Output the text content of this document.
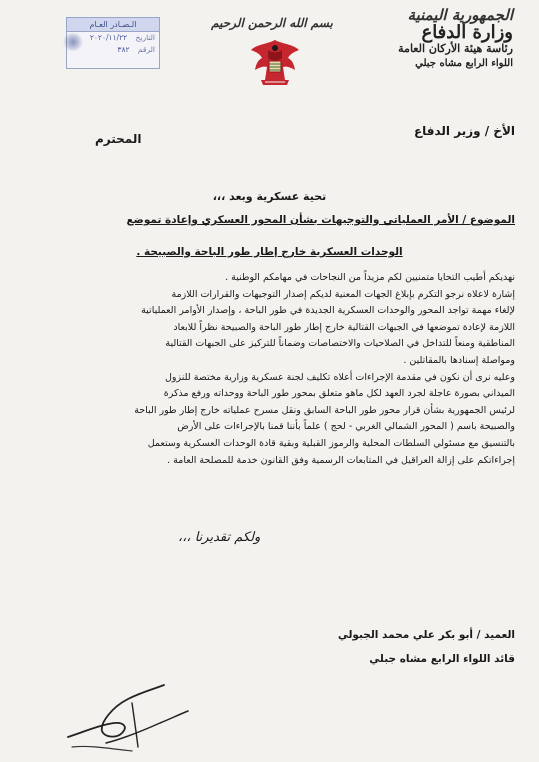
الجمهورية اليمنية
وزارة الدفاع
رئاسة هيئة الأركان العامة
اللواء الرابع مشاه جبلي
بسم الله الرحمن الرحيم
الـصـادر العـام
التاريخ ٢٠٢٠/١١/٢٢
الرقم ٣٨٢
الأخ / وزير الدفاع
المحترم
تحية عسكرية وبعد ،،،
الموضوع / الأمر العملياتي والتوجيهات بشأن المحور العسكري وإعادة تموضع
الوحدات العسكرية خارج إطار طور الباحة والصبيحة .
نهديكم أطيب التحايا متمنيين لكم مزيداً من النجاحات في مهامكم الوطنية .
إشارة لاعلاه نرجو التكرم بإبلاغ الجهات المعنية لديكم إصدار التوجيهات والقرارات اللازمة
لإلغاء مهمة تواجد المحور والوحدات العسكرية الجديدة في طور الباحة ، وإصدار الأوامر العملياتية
اللازمة لإعادة تموضعها في الجبهات القتالية خارج إطار طور الباحة والصبيحة نظراً للابعاد
المناطقية ومنعاً للتداخل في الصلاحيات والاختصاصات وضماناً للتركيز على الجبهات القتالية
ومواصلة إسنادها بالمقاتلين .
وعليه نرى أن نكون في مقدمة الإجراءات أعلاه تكليف لجنة عسكرية وزارية مختصة للنزول
الميداني بصورة عاجلة لجرد العهد لكل ماهو متعلق بمحور طور الباحة ووحداته ورفع مذكرة
لرئيس الجمهورية بشأن قرار محور طور الباحة السابق ونقل مسرح عملياته خارج إطار طور الباحة
والصبيحة باسم ( المحور الشمالي الغربي - لحج ) علماً بأننا قمنا بالإجراءات على الأرض
بالتنسيق مع مسئولي السلطات المحلية والرموز القبلية وبقية قادة الوحدات العسكرية وستعمل
إجراءاتكم على إزالة العراقيل في المتابعات الرسمية وفق القانون خدمة للمصلحة العامة .
ولكم تقديرنا ،،،
العميد / أبو بكر علي محمد الجبولي
قائد اللواء الرابع مشاه جبلي
